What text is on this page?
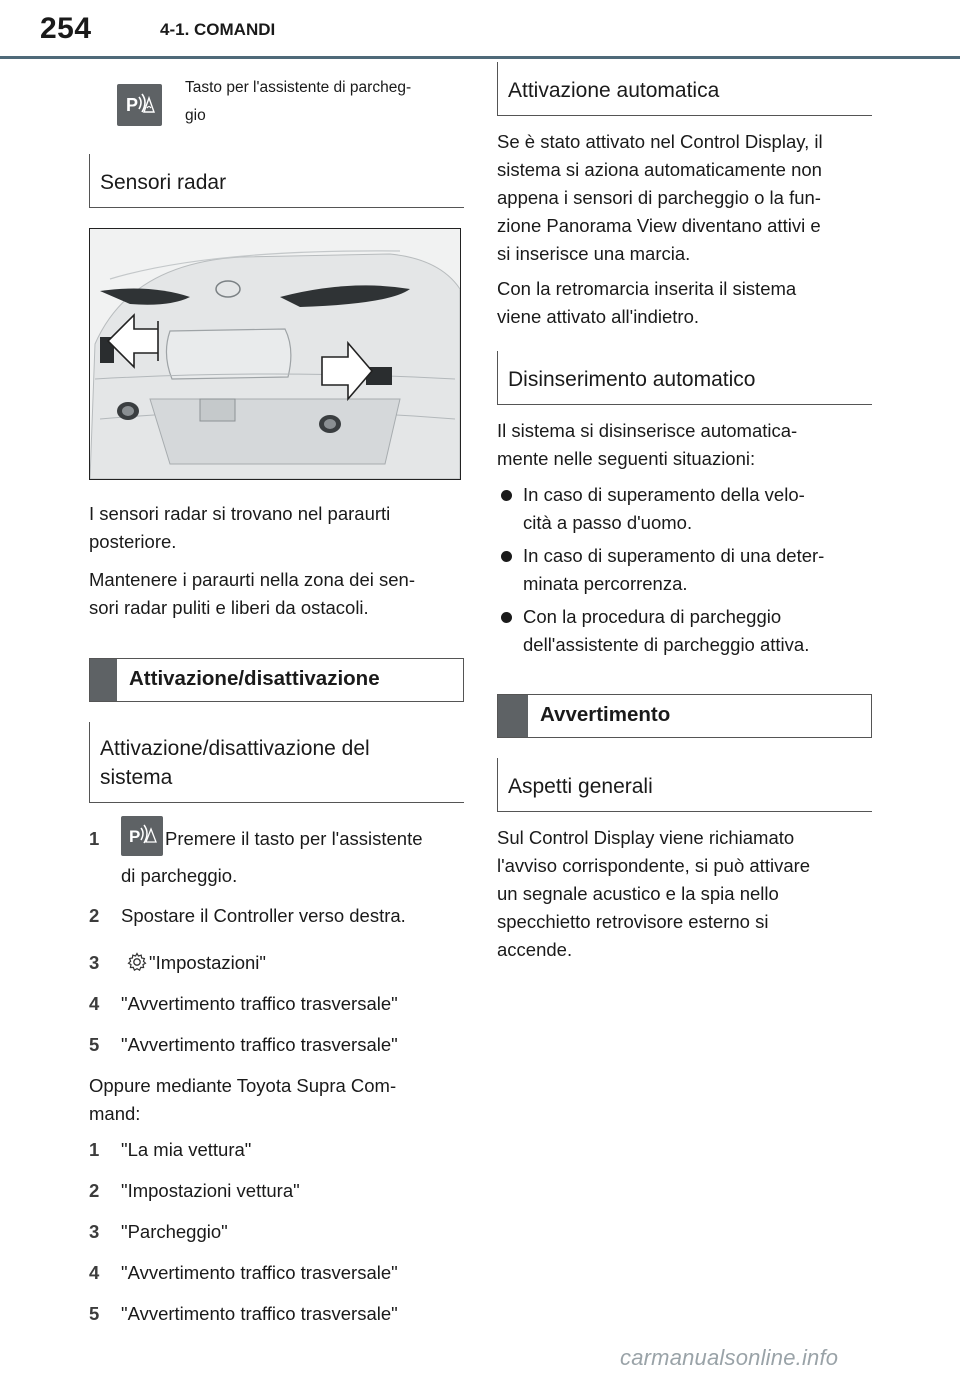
254	4-1. COMANDI
P
Tasto per l'assistente di parcheg-
gio
Sensori radar

I sensori radar si trovano nel paraurti
posteriore.

Mantenere i paraurti nella zona dei sen-
sori radar puliti e liberi da ostacoli.

Attivazione/disattivazione
Attivazione/disattivazione del
sistema
1 P Premere il tasto per l'assistente
di parcheggio.
2 Spostare il Controller verso destra.
3	"Impostazioni"
4 "Avvertimento traffico trasversale"
5 "Avvertimento traffico trasversale"

Oppure mediante Toyota Supra Com-
mand:

1 "La mia vettura"
2 "Impostazioni vettura"
3 "Parcheggio"
4 "Avvertimento traffico trasversale"
5 "Avvertimento traffico trasversale"
Attivazione automatica

Se è stato attivato nel Control Display, il
sistema si aziona automaticamente non
appena i sensori di parcheggio o la fun-
zione Panorama View diventano attivi e
si inserisce una marcia.

Con la retromarcia inserita il sistema
viene attivato all'indietro.

Disinserimento automatico

Il sistema si disinserisce automatica-
mente nelle seguenti situazioni:

In caso di superamento della velo-
cità a passo d'uomo.
In caso di superamento di una deter-
minata percorrenza.
Con la procedura di parcheggio
dell'assistente di parcheggio attiva.
Avvertimento
Aspetti generali

Sul Control Display viene richiamato
l'avviso corrispondente, si può attivare
un segnale acustico e la spia nello
specchietto retrovisore esterno si
accende.

carmanualsonline.info
